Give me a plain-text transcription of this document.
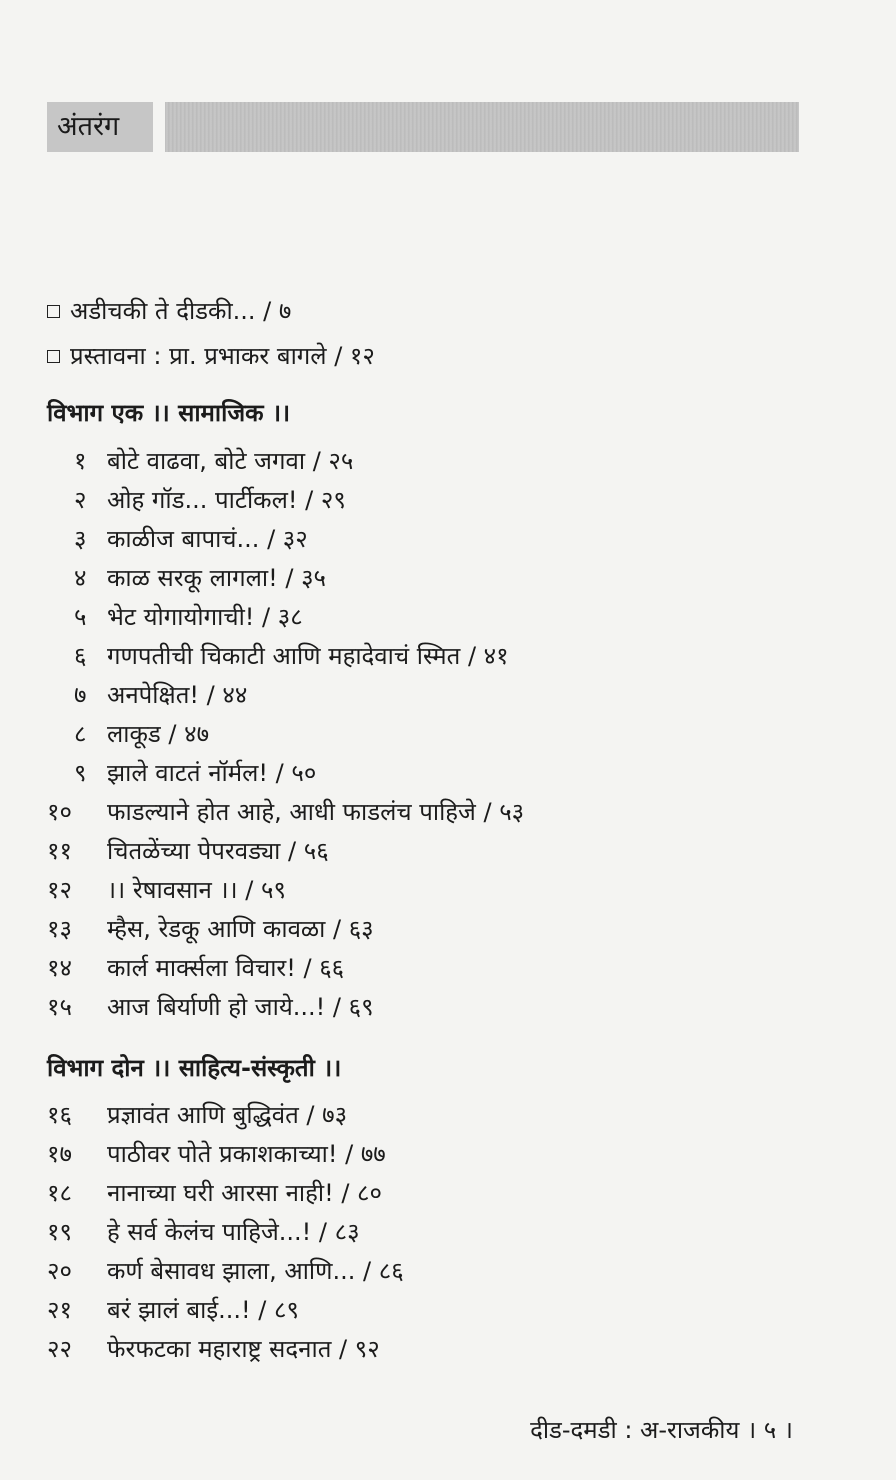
अंतरंग
अडीचकी ते दीडकी... / ७
प्रस्तावना : प्रा. प्रभाकर बागले / १२
विभाग एक ।। सामाजिक ।।
१ बोटे वाढवा, बोटे जगवा / २५
२ ओह गॉड... पार्टीकल! / २९
३ काळीज बापाचं... / ३२
४ काळ सरकू लागला! / ३५
५ भेट योगायोगाची! / ३८
६ गणपतीची चिकाटी आणि महादेवाचं स्मित / ४१
७ अनपेक्षित! / ४४
८ लाकूड / ४७
९ झाले वाटतं नॉर्मल! / ५०
१० फाडल्याने होत आहे, आधी फाडलंच पाहिजे / ५३
११ चितळेंच्या पेपरवड्या / ५६
१२ ।। रेषावसान ।। / ५९
१३ म्हैस, रेडकू आणि कावळा / ६३
१४ कार्ल मार्क्सला विचार! / ६६
१५ आज बिर्याणी हो जाये...! / ६९
विभाग दोन ।। साहित्य-संस्कृती ।।
१६ प्रज्ञावंत आणि बुद्धिवंत / ७३
१७ पाठीवर पोते प्रकाशकाच्या! / ७७
१८ नानाच्या घरी आरसा नाही! / ८०
१९ हे सर्व केलंच पाहिजे...! / ८३
२० कर्ण बेसावध झाला, आणि... / ८६
२१ बरं झालं बाई...! / ८९
२२ फेरफटका महाराष्ट्र सदनात / ९२
दीड-दमडी : अ-राजकीय । ५ ।
